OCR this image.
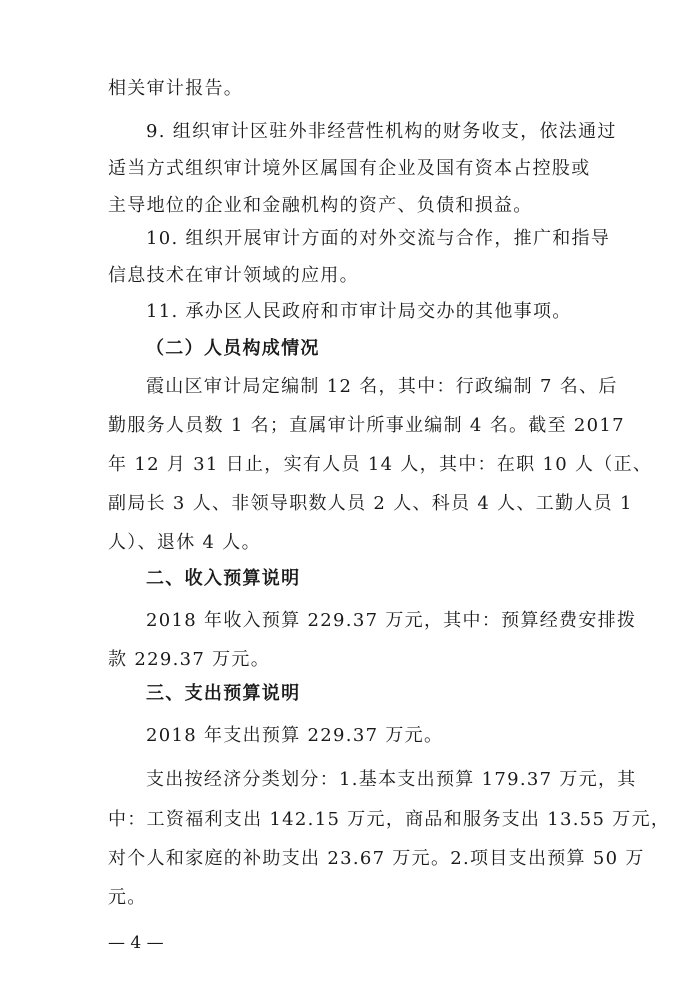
相关审计报告。
9. 组织审计区驻外非经营性机构的财务收支，依法通过
适当方式组织审计境外区属国有企业及国有资本占控股或
主导地位的企业和金融机构的资产、负债和损益。
10. 组织开展审计方面的对外交流与合作，推广和指导
信息技术在审计领域的应用。
11. 承办区人民政府和市审计局交办的其他事项。
（二）人员构成情况
霞山区审计局定编制 12 名，其中：行政编制 7 名、后
勤服务人员数 1 名；直属审计所事业编制 4 名。截至 2017
年 12 月 31 日止，实有人员 14 人，其中：在职 10 人（正、
副局长 3 人、非领导职数人员 2 人、科员 4 人、工勤人员 1
人）、退休 4 人。
二、收入预算说明
2018 年收入预算 229.37 万元，其中：预算经费安排拨
款 229.37 万元。
三、支出预算说明
2018 年支出预算 229.37 万元。
支出按经济分类划分：1.基本支出预算 179.37 万元，其
中：工资福利支出 142.15 万元，商品和服务支出 13.55 万元，
对个人和家庭的补助支出 23.67 万元。2.项目支出预算 50 万
元。
— 4 —
